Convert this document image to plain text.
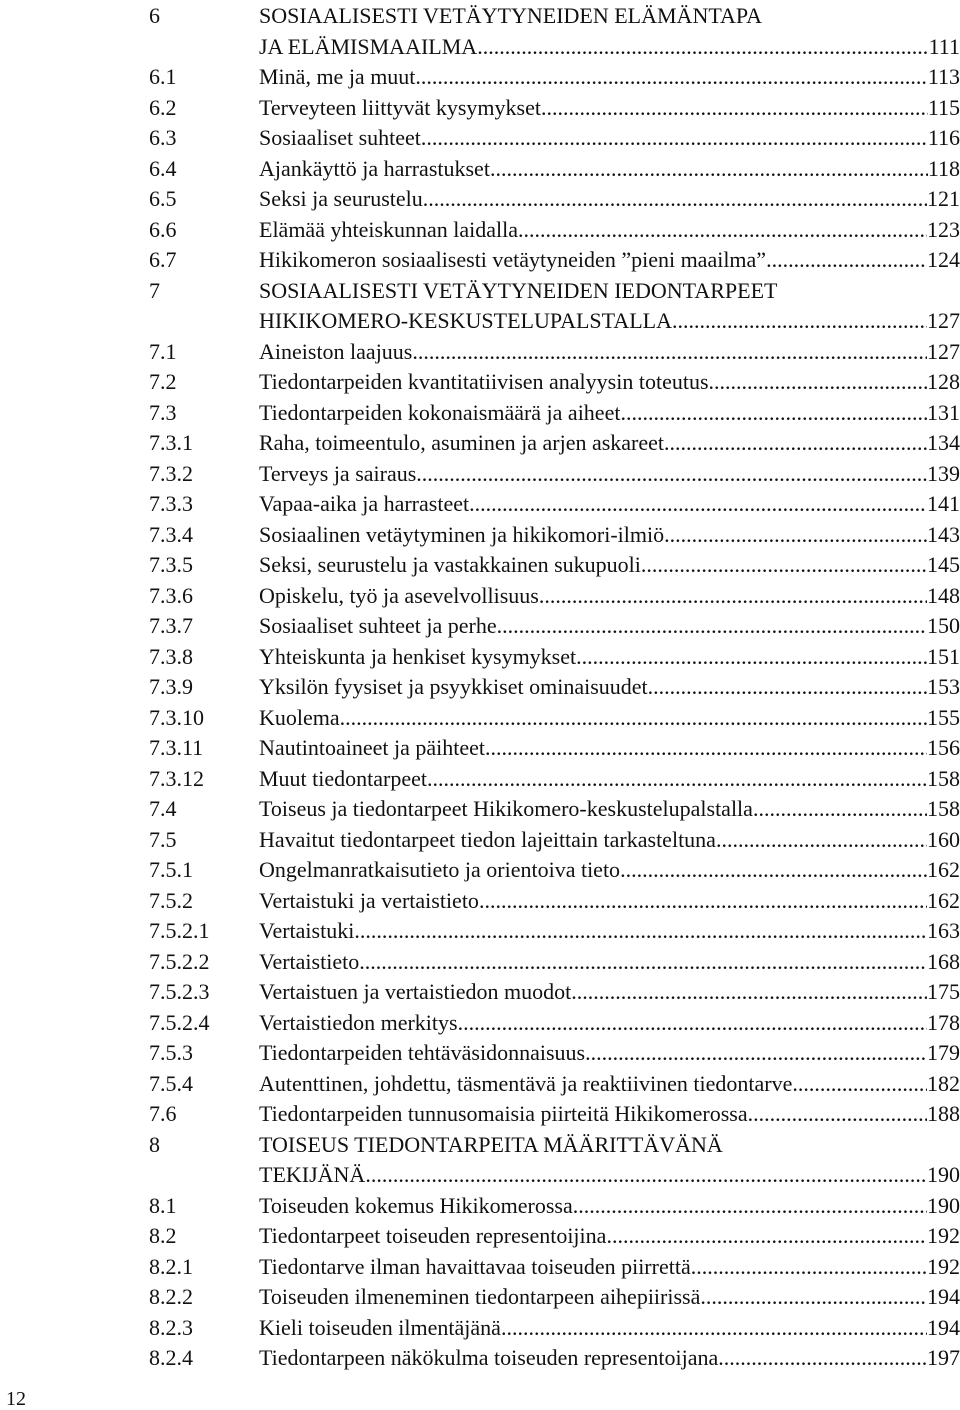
6	SOSIAALISESTI VETÄYTYNEIDEN ELÄMÄNTAPA
JA ELÄMISMAAILMA .....	111
6.1	Minä, me ja muut .....	113
6.2	Terveyteen liittyvät kysymykset .....	115
6.3	Sosiaaliset suhteet .....	116
6.4	Ajankäyttö ja harrastukset .....	118
6.5	Seksi ja seurustelu .....	121
6.6	Elämää yhteiskunnan laidalla .....	123
6.7	Hikikomeron sosiaalisesti vetäytyneiden ”pieni maailma” .....	124
7	SOSIAALISESTI VETÄYTYNEIDEN IEDONTARPEET
HIKIKOMERO-KESKUSTELUPALSTALLA .....	127
7.1	Aineiston laajuus .....	127
7.2	Tiedontarpeiden kvantitatiivisen analyysin toteutus .....	128
7.3	Tiedontarpeiden kokonaismäärä ja aiheet .....	131
7.3.1	Raha, toimeentulo, asuminen ja arjen askareet .....	134
7.3.2	Terveys ja sairaus .....	139
7.3.3	Vapaa-aika ja harrasteet .....	141
7.3.4	Sosiaalinen vetäytyminen ja hikikomori-ilmiö .....	143
7.3.5	Seksi, seurustelu ja vastakkainen sukupuoli .....	145
7.3.6	Opiskelu, työ ja asevelvollisuus .....	148
7.3.7	Sosiaaliset suhteet ja perhe .....	150
7.3.8	Yhteiskunta ja henkiset kysymykset .....	151
7.3.9	Yksilön fyysiset ja psyykkiset ominaisuudet .....	153
7.3.10	Kuolema .....	155
7.3.11	Nautintoaineet ja päihteet .....	156
7.3.12	Muut tiedontarpeet .....	158
7.4	Toiseus ja tiedontarpeet Hikikomero-keskustelupalstalla .....	158
7.5	Havaitut tiedontarpeet tiedon lajeittain tarkasteltuna .....	160
7.5.1	Ongelmanratkaisutieto ja orientoiva tieto .....	162
7.5.2	Vertaistuki ja vertaistieto .....	162
7.5.2.1	Vertaistuki .....	163
7.5.2.2	Vertaistieto .....	168
7.5.2.3	Vertaistuen ja vertaistiedon muodot .....	175
7.5.2.4	Vertaistiedon merkitys .....	178
7.5.3	Tiedontarpeiden tehtäväsidonnaisuus .....	179
7.5.4	Autenttinen, johdettu, täsmentävä ja reaktiivinen tiedontarve .....	182
7.6	Tiedontarpeiden tunnusomaisia piirteitä Hikikomerossa .....	188
8	TOISEUS TIEDONTARPEITA MÄÄRITTÄVÄNÄ
TEKIJÄNÄ .....	190
8.1	Toiseuden kokemus Hikikomerossa .....	190
8.2	Tiedontarpeet toiseuden representoijina .....	192
8.2.1	Tiedontarve ilman havaittavaa toiseuden piirrettä .....	192
8.2.2	Toiseuden ilmeneminen tiedontarpeen aihepiirissä .....	194
8.2.3	Kieli toiseuden ilmentäjänä .....	194
8.2.4	Tiedontarpeen näkökulma toiseuden representoijana .....	197
12
